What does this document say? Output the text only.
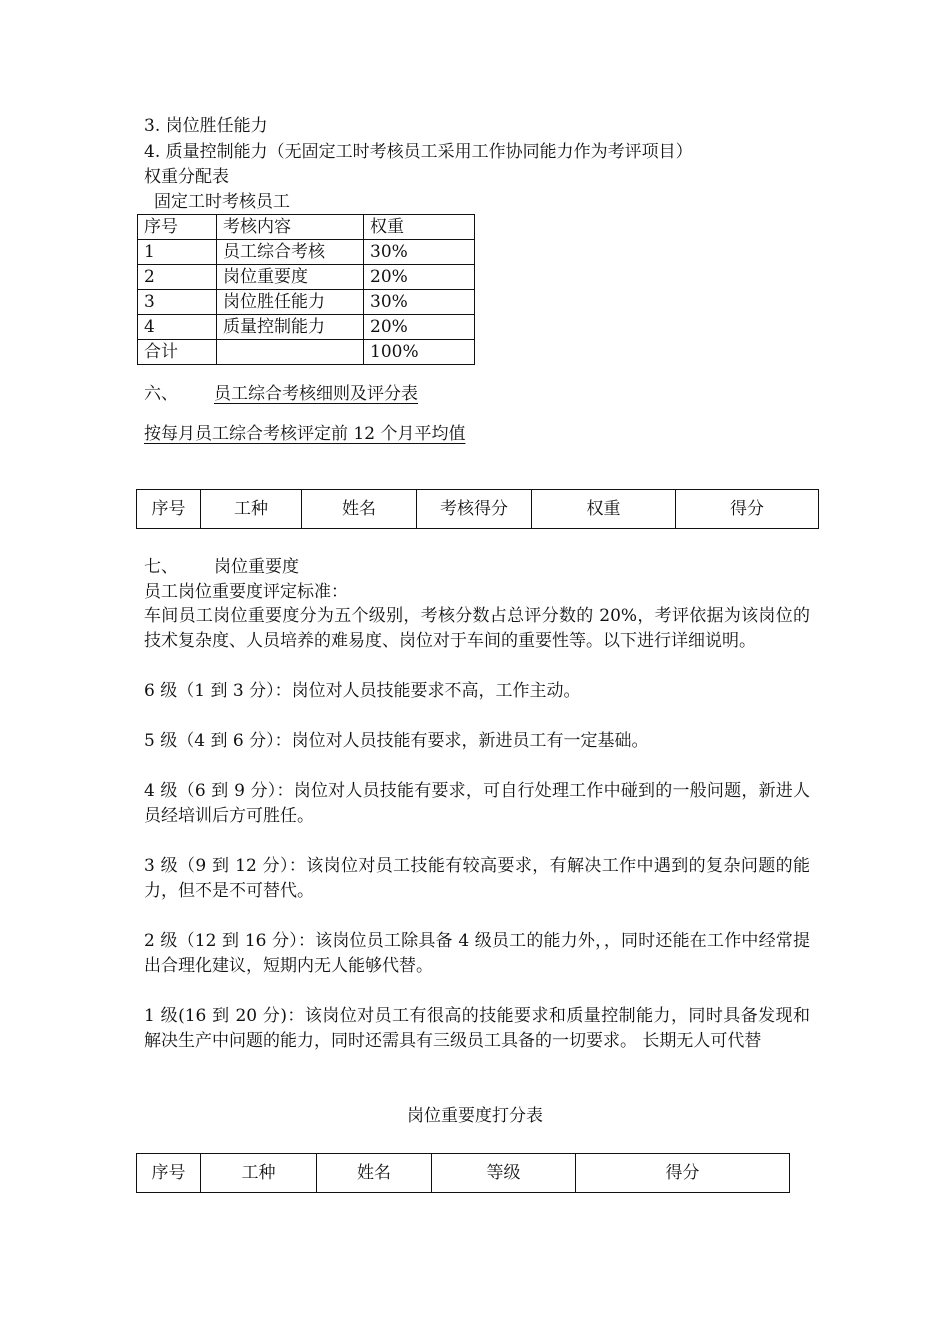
3. 岗位胜任能力
4. 质量控制能力（无固定工时考核员工采用工作协同能力作为考评项目）
权重分配表
固定工时考核员工
序号	考核内容	权重
1	员工综合考核	30%
2	岗位重要度	20%
3	岗位胜任能力	30%
4	质量控制能力	20%
合计		100%
六、 员工综合考核细则及评分表
按每月员工综合考核评定前 12 个月平均值
序号	工种	姓名	考核得分	权重	得分
七、 岗位重要度
员工岗位重要度评定标准：
车间员工岗位重要度分为五个级别，考核分数占总评分数的 20%，考评依据为该岗位的技术复杂度、人员培养的难易度、岗位对于车间的重要性等。以下进行详细说明。
6 级（1 到 3 分）：岗位对人员技能要求不高，工作主动。
5 级（4 到 6 分）：岗位对人员技能有要求，新进员工有一定基础。
4 级（6 到 9 分）：岗位对人员技能有要求，可自行处理工作中碰到的一般问题，新进人员经培训后方可胜任。
3 级（9 到 12 分）：该岗位对员工技能有较高要求，有解决工作中遇到的复杂问题的能力，但不是不可替代。
2 级（12 到 16 分）：该岗位员工除具备 4 级员工的能力外，，同时还能在工作中经常提出合理化建议，短期内无人能够代替。
1 级(16 到 20 分)：该岗位对员工有很高的技能要求和质量控制能力，同时具备发现和解决生产中问题的能力，同时还需具有三级员工具备的一切要求。 长期无人可代替
岗位重要度打分表
序号	工种	姓名	等级	得分
